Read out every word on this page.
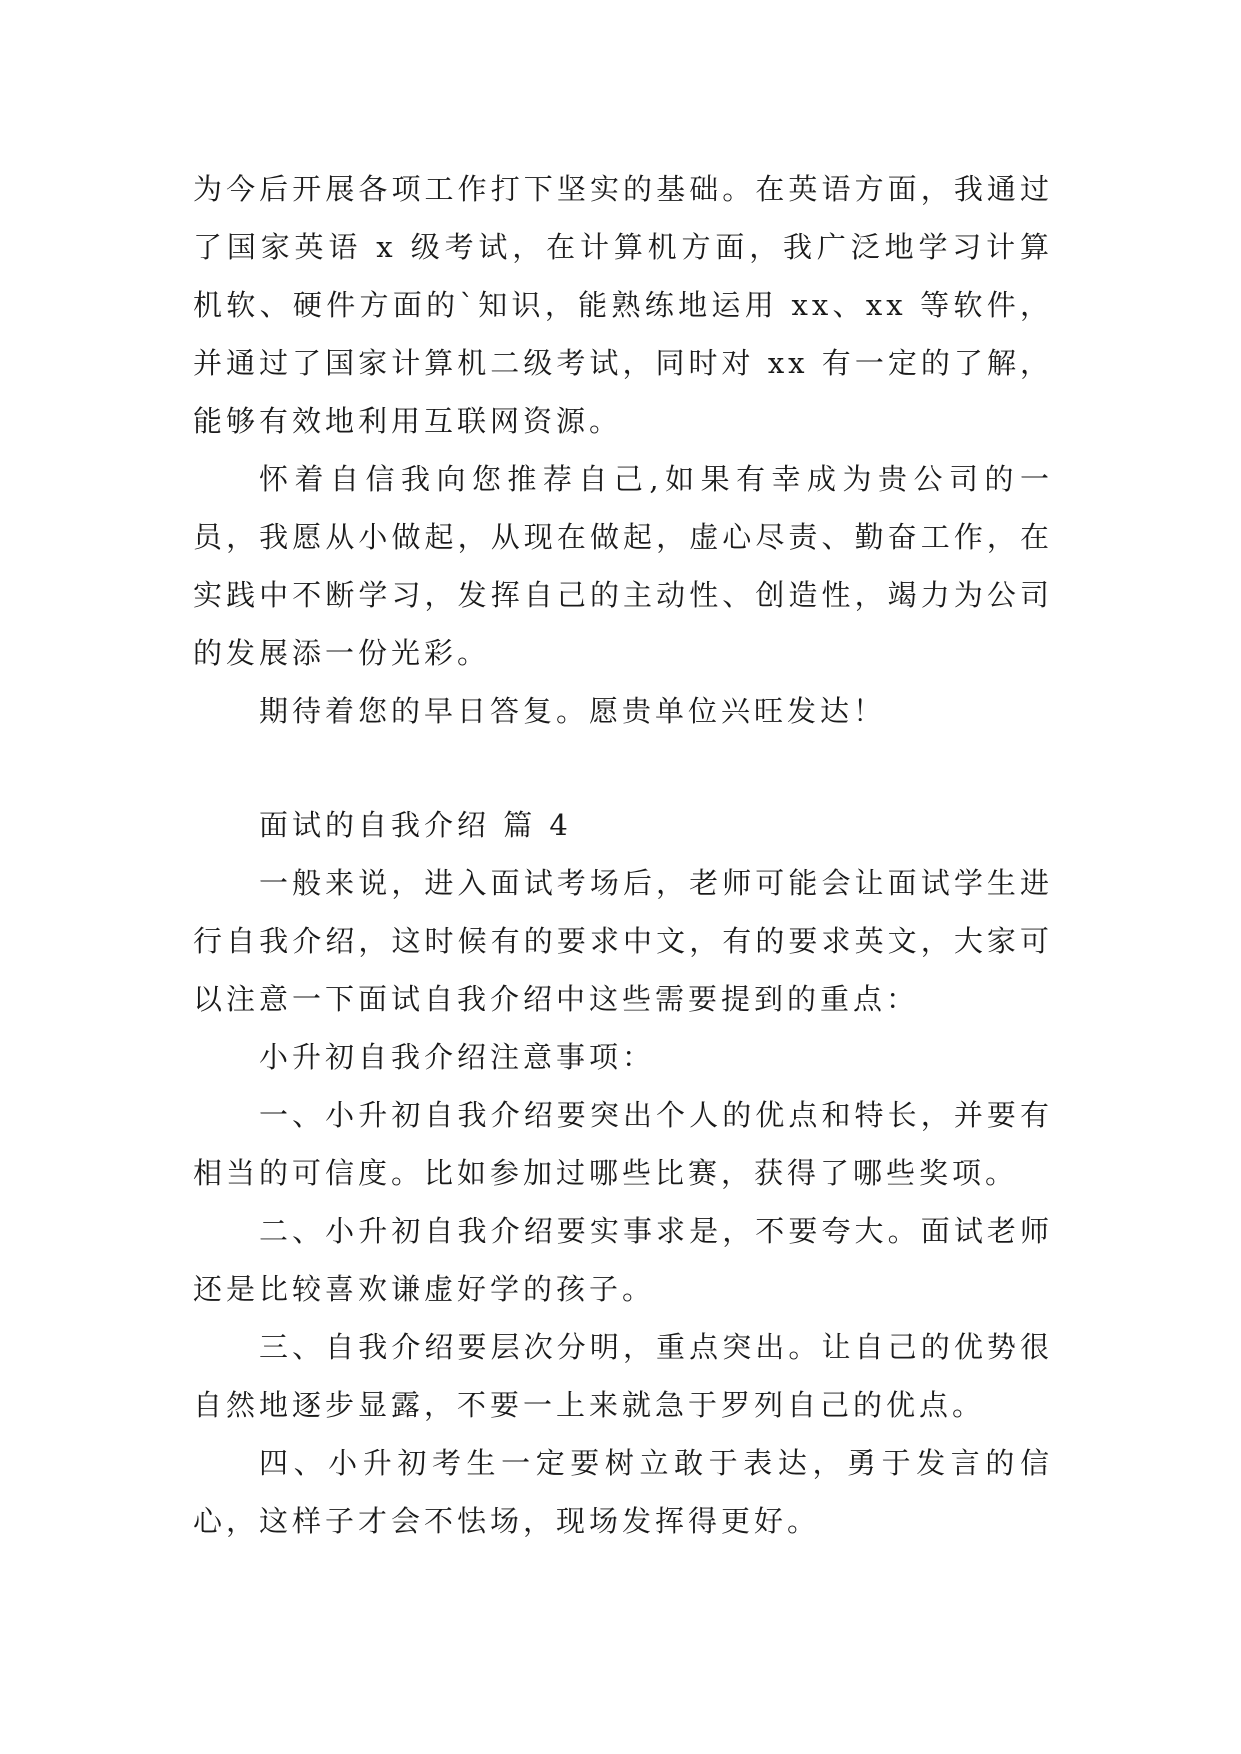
为今后开展各项工作打下坚实的基础。在英语方面，我通过了国家英语 x 级考试，在计算机方面，我广泛地学习计算机软、硬件方面的`知识，能熟练地运用 xx、xx 等软件，并通过了国家计算机二级考试，同时对 xx 有一定的了解，能够有效地利用互联网资源。

怀着自信我向您推荐自己,如果有幸成为贵公司的一员，我愿从小做起，从现在做起，虚心尽责、勤奋工作，在实践中不断学习，发挥自己的主动性、创造性，竭力为公司的发展添一份光彩。

期待着您的早日答复。愿贵单位兴旺发达！

面试的自我介绍 篇 4

一般来说，进入面试考场后，老师可能会让面试学生进行自我介绍，这时候有的要求中文，有的要求英文，大家可以注意一下面试自我介绍中这些需要提到的重点：

小升初自我介绍注意事项：

一、小升初自我介绍要突出个人的优点和特长，并要有相当的可信度。比如参加过哪些比赛，获得了哪些奖项。

二、小升初自我介绍要实事求是，不要夸大。面试老师还是比较喜欢谦虚好学的孩子。

三、自我介绍要层次分明，重点突出。让自己的优势很自然地逐步显露，不要一上来就急于罗列自己的优点。

四、小升初考生一定要树立敢于表达，勇于发言的信心，这样子才会不怯场，现场发挥得更好。
